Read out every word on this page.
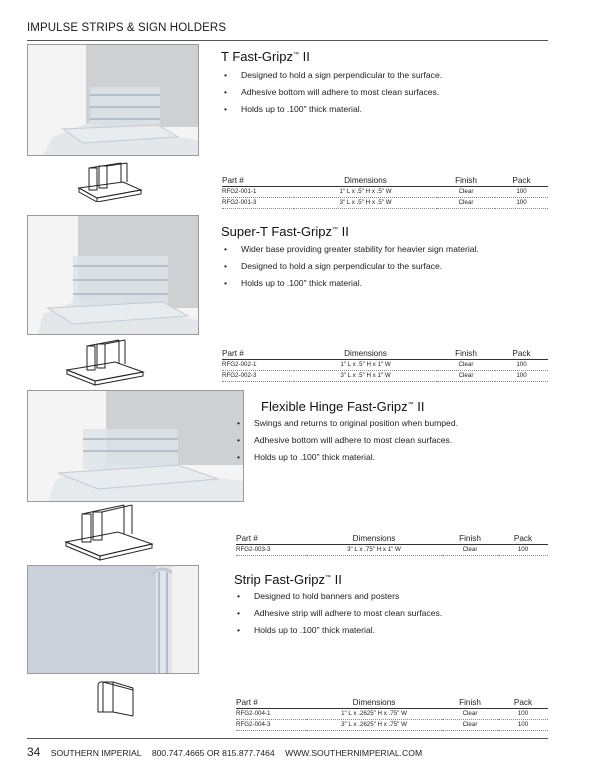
IMPULSE STRIPS & SIGN HOLDERS
T Fast-Gripz™ II
• Designed to hold a sign perpendicular to the surface.
• Adhesive bottom will adhere to most clean surfaces.
• Holds up to .100" thick material.
Part #	Dimensions	Finish	Pack
RFG2-001-1	1" L x .5" H x .5" W	Clear	100
RFG2-001-3	3" L x .5" H x .5" W	Clear	100
Super-T Fast-Gripz™ II
• Wider base providing greater stability for heavier sign material.
• Designed to hold a sign perpendicular to the surface.
• Holds up to .100" thick material.
Part #	Dimensions	Finish	Pack
RFG2-002-1	1" L x .5" H x 1" W	Clear	100
RFG2-002-3	3" L x .5" H x 1" W	Clear	100
Flexible Hinge Fast-Gripz™ II
• Swings and returns to original position when bumped.
• Adhesive bottom will adhere to most clean surfaces.
• Holds up to .100" thick material.
Part #	Dimensions	Finish	Pack
RFG2-003-3	3" L x .75" H x 1" W	Clear	100
Strip Fast-Gripz™ II
• Designed to hold banners and posters
• Adhesive strip will adhere to most clean surfaces.
• Holds up to .100" thick material.
Part #	Dimensions	Finish	Pack
RFG2-004-1	1" L x .2625" H x .75" W	Clear	100
RFG2-004-3	3" L x .2625" H x .75" W	Clear	100
34 SOUTHERN IMPERIAL 800.747.4665 OR 815.877.7464 WWW.SOUTHERNIMPERIAL.COM
